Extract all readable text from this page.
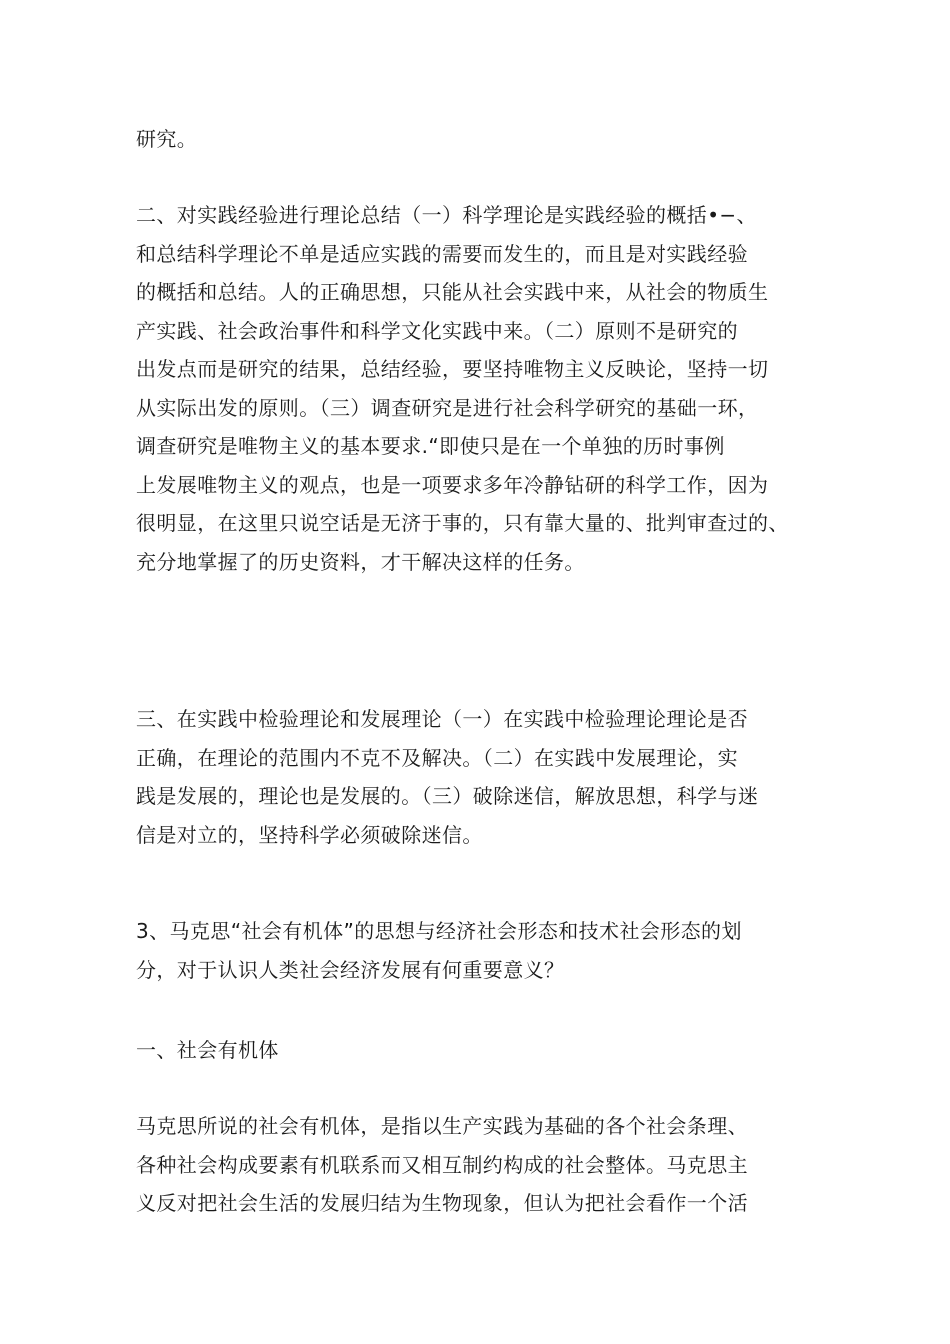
研究。

二、对实践经验进行理论总结（一）科学理论是实践经验的概括•−、
和总结科学理论不单是适应实践的需要而发生的，而且是对实践经验
的概括和总结。人的正确思想，只能从社会实践中来，从社会的物质生
产实践、社会政治事件和科学文化实践中来。（二）原则不是研究的
出发点而是研究的结果，总结经验，要坚持唯物主义反映论，坚持一切
从实际出发的原则。（三）调查研究是进行社会科学研究的基础一环，
调查研究是唯物主义的基本要求.“即使只是在一个单独的历时事例
上发展唯物主义的观点，也是一项要求多年冷静钻研的科学工作，因为
很明显，在这里只说空话是无济于事的，只有靠大量的、批判审查过的、
充分地掌握了的历史资料，才干解决这样的任务。

三、在实践中检验理论和发展理论（一）在实践中检验理论理论是否
正确，在理论的范围内不克不及解决。（二）在实践中发展理论，实
践是发展的，理论也是发展的。（三）破除迷信，解放思想，科学与迷
信是对立的，坚持科学必须破除迷信。

3、马克思“社会有机体”的思想与经济社会形态和技术社会形态的划
分，对于认识人类社会经济发展有何重要意义？

一、社会有机体

马克思所说的社会有机体，是指以生产实践为基础的各个社会条理、
各种社会构成要素有机联系而又相互制约构成的社会整体。马克思主
义反对把社会生活的发展归结为生物现象，但认为把社会看作一个活
